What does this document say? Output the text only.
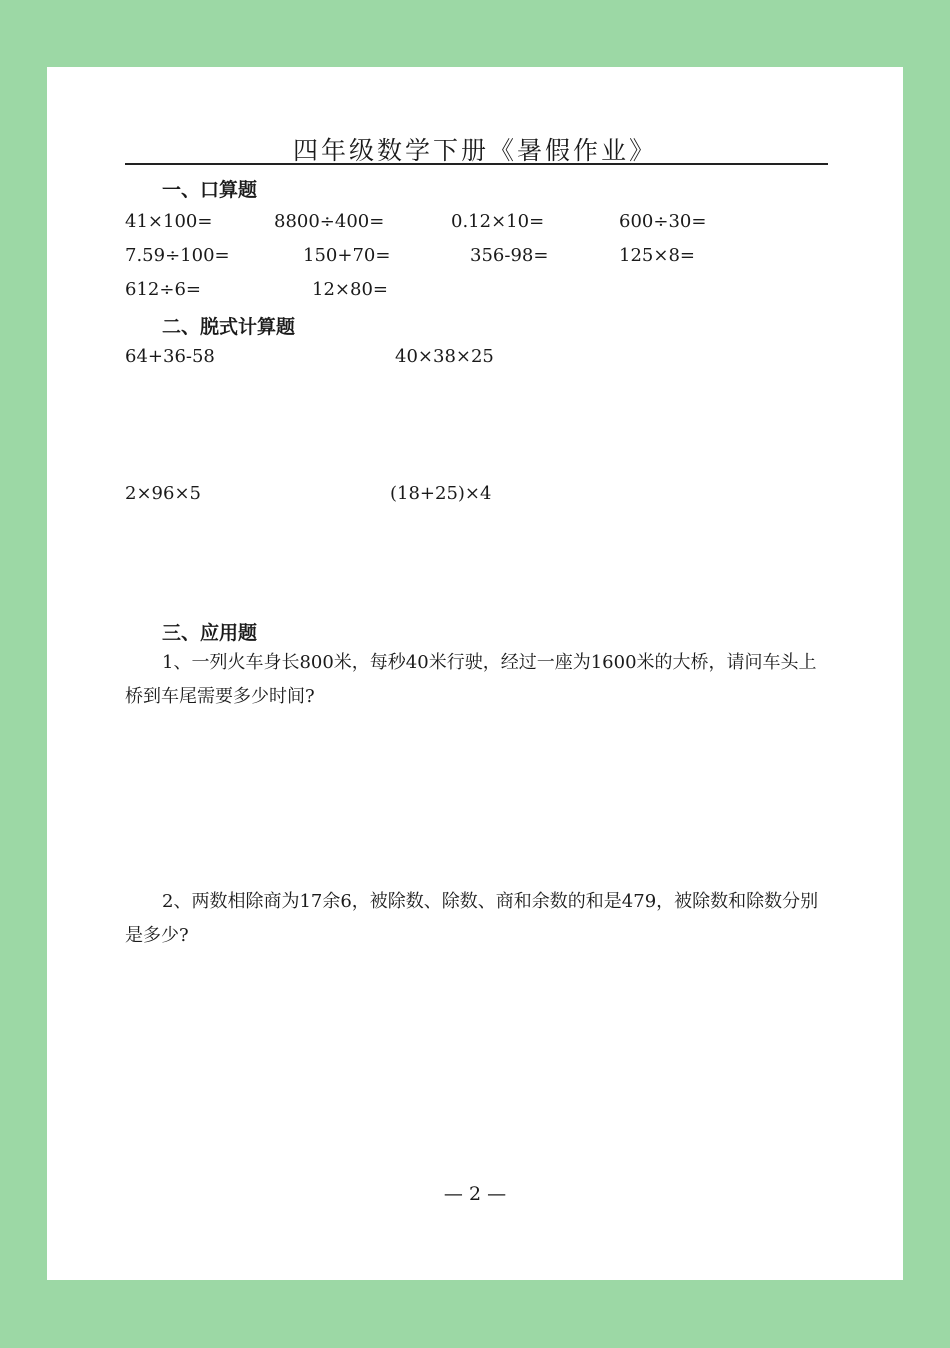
四年级数学下册《暑假作业》
一、口算题
41×100=	8800÷400=	0.12×10=	600÷30=
7.59÷100=	150+70=	356-98=	125×8=
612÷6=	12×80=
二、脱式计算题
64+36-58	40×38×25
2×96×5	(18+25)×4
三、应用题
1、一列火车身长800米，每秒40米行驶，经过一座为1600米的大桥，请问车头上桥到车尾需要多少时间?
2、两数相除商为17余6，被除数、除数、商和余数的和是479，被除数和除数分别是多少?
— 2 —
